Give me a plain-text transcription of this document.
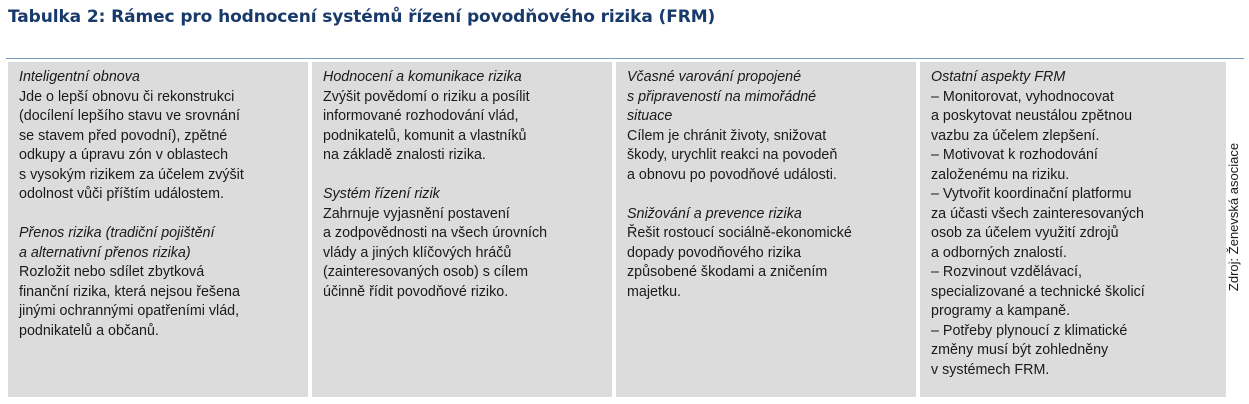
Tabulka 2: Rámec pro hodnocení systémů řízení povodňového rizika (FRM)
Inteligentní obnova
Jde o lepší obnovu či rekonstrukci
(docílení lepšího stavu ve srovnání
se stavem před povodní), zpětné
odkupy a úpravu zón v oblastech
s vysokým rizikem za účelem zvýšit
odolnost vůči příštím událostem.
Přenos rizika (tradiční pojištění
a alternativní přenos rizika)
Rozložit nebo sdílet zbytková
finanční rizika, která nejsou řešena
jinými ochrannými opatřeními vlád,
podnikatelů a občanů.
Hodnocení a komunikace rizika
Zvýšit povědomí o riziku a posílit
informované rozhodování vlád,
podnikatelů, komunit a vlastníků
na základě znalosti rizika.
Systém řízení rizik
Zahrnuje vyjasnění postavení
a zodpovědnosti na všech úrovních
vlády a jiných klíčových hráčů
(zainteresovaných osob) s cílem
účinně řídit povodňové riziko.
Včasné varování propojené
s připraveností na mimořádné
situace
Cílem je chránit životy, snižovat
škody, urychlit reakci na povodeň
a obnovu po povodňové události.
Snižování a prevence rizika
Řešit rostoucí sociálně-ekonomické
dopady povodňového rizika
způsobené škodami a zničením
majetku.
Ostatní aspekty FRM
– Monitorovat, vyhodnocovat
a poskytovat neustálou zpětnou
vazbu za účelem zlepšení.
– Motivovat k rozhodování
založenému na riziku.
– Vytvořit koordinační platformu
za účasti všech zainteresovaných
osob za účelem využití zdrojů
a odborných znalostí.
– Rozvinout vzdělávací,
specializované a technické školicí
programy a kampaně.
– Potřeby plynoucí z klimatické
změny musí být zohledněny
v systémech FRM.
Zdroj: Ženevská asociace
